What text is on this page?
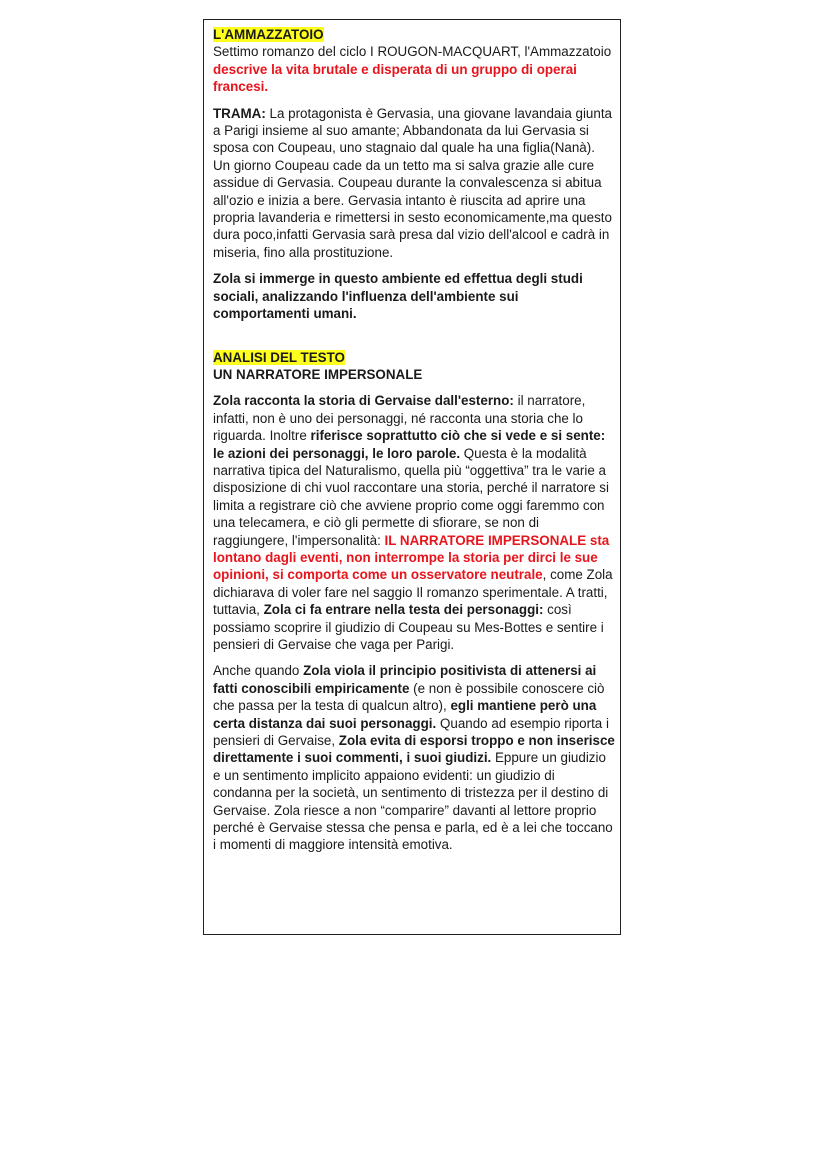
L'AMMAZZATOIO

Settimo romanzo del ciclo I ROUGON-MACQUART, l'Ammazzatoio descrive la vita brutale e disperata di un gruppo di operai francesi.

TRAMA: La protagonista è Gervasia, una giovane lavandaia giunta a Parigi insieme al suo amante; Abbandonata da lui Gervasia si sposa con Coupeau, uno stagnaio dal quale ha una figlia(Nanà). Un giorno Coupeau cade da un tetto ma si salva grazie alle cure assidue di Gervasia. Coupeau durante la convalescenza si abitua all'ozio e inizia a bere. Gervasia intanto è riuscita ad aprire una propria lavanderia e rimettersi in sesto economicamente,ma questo dura poco,infatti Gervasia sarà presa dal vizio dell'alcool e cadrà in miseria, fino alla prostituzione.

Zola si immerge in questo ambiente ed effettua degli studi sociali, analizzando l'influenza dell'ambiente sui comportamenti umani.

ANALISI DEL TESTO

UN NARRATORE IMPERSONALE

Zola racconta la storia di Gervaise dall'esterno: il narratore, infatti, non è uno dei personaggi, né racconta una storia che lo riguarda. Inoltre riferisce soprattutto ciò che si vede e si sente: le azioni dei personaggi, le loro parole. Questa è la modalità narrativa tipica del Naturalismo, quella più “oggettiva” tra le varie a disposizione di chi vuol raccontare una storia, perché il narratore si limita a registrare ciò che avviene proprio come oggi faremmo con una telecamera, e ciò gli permette di sfiorare, se non di raggiungere, l'impersonalità: IL NARRATORE IMPERSONALE sta lontano dagli eventi, non interrompe la storia per dirci le sue opinioni, si comporta come un osservatore neutrale, come Zola dichiarava di voler fare nel saggio Il romanzo sperimentale. A tratti, tuttavia, Zola ci fa entrare nella testa dei personaggi: così possiamo scoprire il giudizio di Coupeau su Mes-Bottes e sentire i pensieri di Gervaise che vaga per Parigi.

Anche quando Zola viola il principio positivista di attenersi ai fatti conoscibili empiricamente (e non è possibile conoscere ciò che passa per la testa di qualcun altro), egli mantiene però una certa distanza dai suoi personaggi. Quando ad esempio riporta i pensieri di Gervaise, Zola evita di esporsi troppo e non inserisce direttamente i suoi commenti, i suoi giudizi. Eppure un giudizio e un sentimento implicito appaiono evidenti: un giudizio di condanna per la società, un sentimento di tristezza per il destino di Gervaise. Zola riesce a non “comparire” davanti al lettore proprio perché è Gervaise stessa che pensa e parla, ed è a lei che toccano i momenti di maggiore intensità emotiva.
